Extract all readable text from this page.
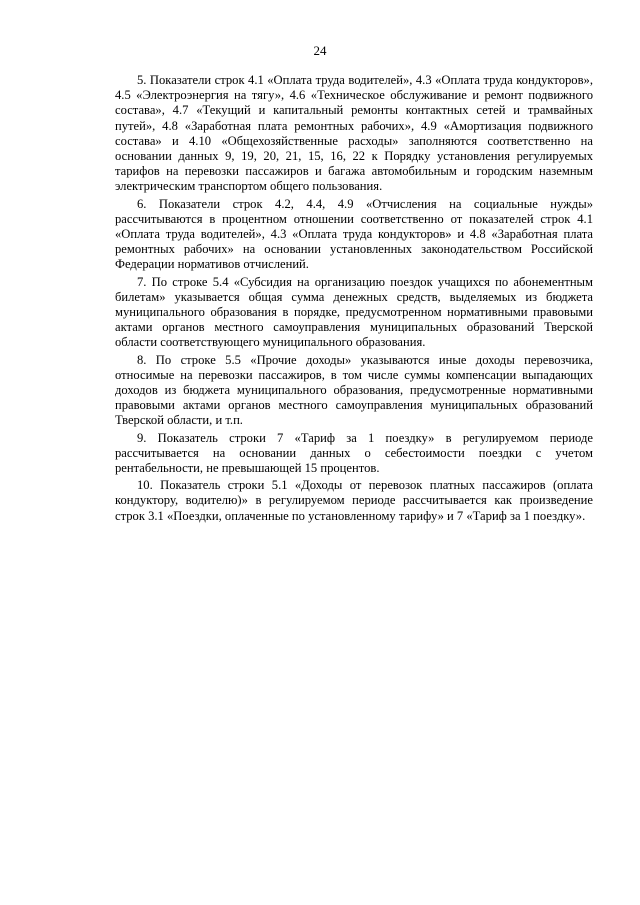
24

5. Показатели строк 4.1 «Оплата труда водителей», 4.3 «Оплата труда кондукторов», 4.5 «Электроэнергия на тягу», 4.6 «Техническое обслуживание и ремонт подвижного состава», 4.7 «Текущий и капитальный ремонты контактных сетей и трамвайных путей», 4.8 «Заработная плата ремонтных рабочих», 4.9 «Амортизация подвижного состава» и 4.10 «Общехозяйственные расходы» заполняются соответственно на основании данных 9, 19, 20, 21, 15, 16, 22 к Порядку установления регулируемых тарифов на перевозки пассажиров и багажа автомобильным и городским наземным электрическим транспортом общего пользования.

6. Показатели строк 4.2, 4.4, 4.9 «Отчисления на социальные нужды» рассчитываются в процентном отношении соответственно от показателей строк 4.1 «Оплата труда водителей», 4.3 «Оплата труда кондукторов» и 4.8 «Заработная плата ремонтных рабочих» на основании установленных законодательством Российской Федерации нормативов отчислений.

7. По строке 5.4 «Субсидия на организацию поездок учащихся по абонементным билетам» указывается общая сумма денежных средств, выделяемых из бюджета муниципального образования в порядке, предусмотренном нормативными правовыми актами органов местного самоуправления муниципальных образований Тверской области соответствующего муниципального образования.

8. По строке 5.5 «Прочие доходы» указываются иные доходы перевозчика, относимые на перевозки пассажиров, в том числе суммы компенсации выпадающих доходов из бюджета муниципального образования, предусмотренные нормативными правовыми актами органов местного самоуправления муниципальных образований Тверской области, и т.п.

9. Показатель строки 7 «Тариф за 1 поездку» в регулируемом периоде рассчитывается на основании данных о себестоимости поездки с учетом рентабельности, не превышающей 15 процентов.

10. Показатель строки 5.1 «Доходы от перевозок платных пассажиров (оплата кондуктору, водителю)» в регулируемом периоде рассчитывается как произведение строк 3.1 «Поездки, оплаченные по установленному тарифу» и 7 «Тариф за 1 поездку».
